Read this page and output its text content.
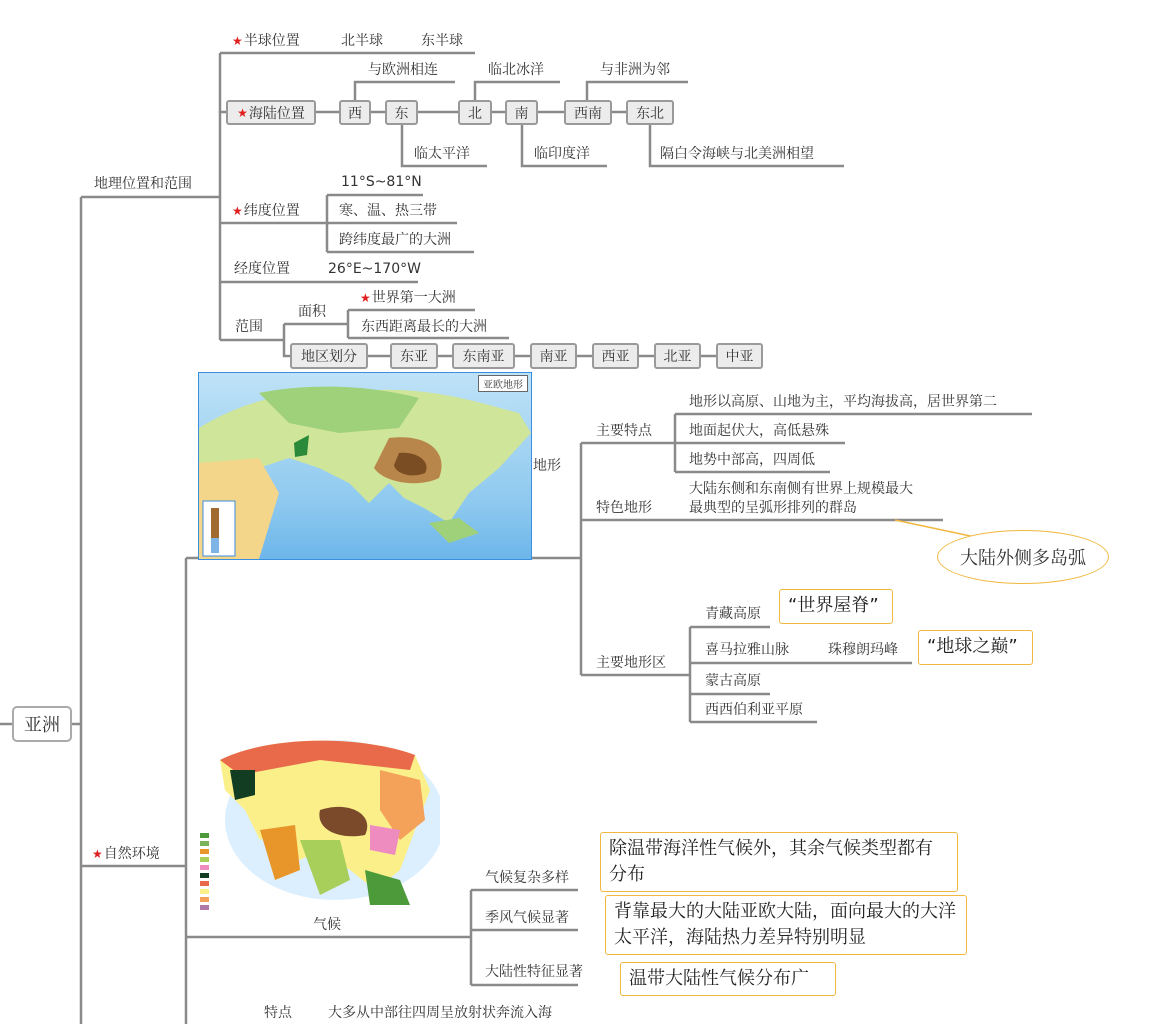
亚洲
地理位置和范围
★半球位置	北半球	东半球
★ 海陆位置	西	东	北	南	西南	东北
与欧洲相连
临太平洋
临北冰洋
临印度洋
与非洲为邻
隔白令海峡与北美洲相望
★纬度位置
11°S~81°N
寒、温、热三带
跨纬度最广的大洲
经度位置	26°E~170°W
范围
面积
★世界第一大洲
东西距离最长的大洲
地区划分	东亚	东南亚	南亚	西亚	北亚	中亚
★自然环境
亚欧地形
地形
主要特点
地形以高原、山地为主，平均海拔高，居世界第二
地面起伏大，高低悬殊
地势中部高，四周低
特色地形
大陆东侧和东南侧有世界上规模最大
最典型的呈弧形排列的群岛
大陆外侧多岛弧
主要地形区
青藏高原
喜马拉雅山脉	珠穆朗玛峰
蒙古高原
西西伯利亚平原
“世界屋脊”
“地球之巅”
气候
气候复杂多样
季风气候显著
大陆性特征显著
除温带海洋性气候外，其余气候类型都有分布
背靠最大的大陆亚欧大陆，面向最大的大洋太平洋，海陆热力差异特别明显
温带大陆性气候分布广
特点	大多从中部往四周呈放射状奔流入海
